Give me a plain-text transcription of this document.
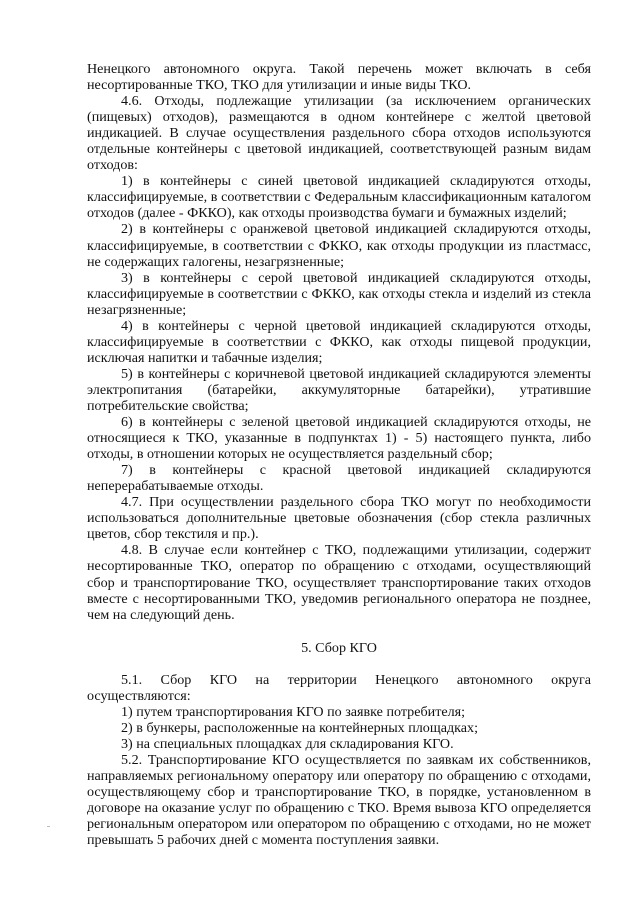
Ненецкого автономного округа. Такой перечень может включать в себя несортированные ТКО, ТКО для утилизации и иные виды ТКО.

4.6. Отходы, подлежащие утилизации (за исключением органических (пищевых) отходов), размещаются в одном контейнере с желтой цветовой индикацией. В случае осуществления раздельного сбора отходов используются отдельные контейнеры с цветовой индикацией, соответствующей разным видам отходов:

1) в контейнеры с синей цветовой индикацией складируются отходы, классифицируемые, в соответствии с Федеральным классификационным каталогом отходов (далее - ФККО), как отходы производства бумаги и бумажных изделий;

2) в контейнеры с оранжевой цветовой индикацией складируются отходы, классифицируемые, в соответствии с ФККО, как отходы продукции из пластмасс, не содержащих галогены, незагрязненные;

3) в контейнеры с серой цветовой индикацией складируются отходы, классифицируемые в соответствии с ФККО, как отходы стекла и изделий из стекла незагрязненные;

4) в контейнеры с черной цветовой индикацией складируются отходы, классифицируемые в соответствии с ФККО, как отходы пищевой продукции, исключая напитки и табачные изделия;

5) в контейнеры с коричневой цветовой индикацией складируются элементы электропитания (батарейки, аккумуляторные батарейки), утратившие потребительские свойства;

6) в контейнеры с зеленой цветовой индикацией складируются отходы, не относящиеся к ТКО, указанные в подпунктах 1) - 5) настоящего пункта, либо отходы, в отношении которых не осуществляется раздельный сбор;

7) в контейнеры с красной цветовой индикацией складируются неперерабатываемые отходы.

4.7. При осуществлении раздельного сбора ТКО могут по необходимости использоваться дополнительные цветовые обозначения (сбор стекла различных цветов, сбор текстиля и пр.).

4.8. В случае если контейнер с ТКО, подлежащими утилизации, содержит несортированные ТКО, оператор по обращению с отходами, осуществляющий сбор и транспортирование ТКО, осуществляет транспортирование таких отходов вместе с несортированными ТКО, уведомив регионального оператора не позднее, чем на следующий день.

5. Сбор КГО

5.1. Сбор КГО на территории Ненецкого автономного округа осуществляются:

1) путем транспортирования КГО по заявке потребителя;

2) в бункеры, расположенные на контейнерных площадках;

3) на специальных площадках для складирования КГО.

5.2. Транспортирование КГО осуществляется по заявкам их собственников, направляемых региональному оператору или оператору по обращению с отходами, осуществляющему сбор и транспортирование ТКО, в порядке, установленном в договоре на оказание услуг по обращению с ТКО. Время вывоза КГО определяется региональным оператором или оператором по обращению с отходами, но не может превышать 5 рабочих дней с момента поступления заявки.
